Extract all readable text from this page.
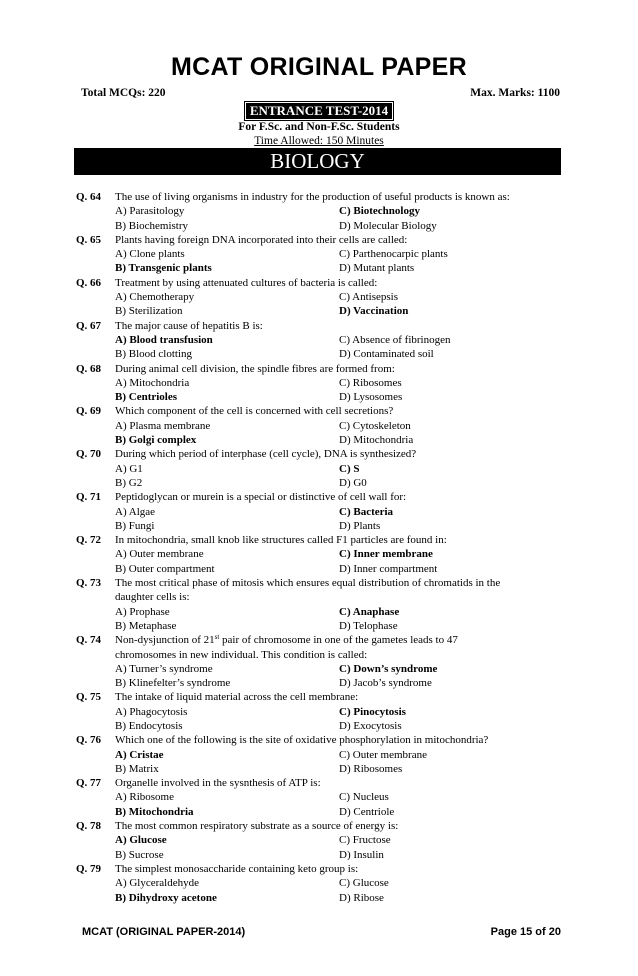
MCAT ORIGINAL PAPER
Total MCQs: 220	Max. Marks: 1100
ENTRANCE TEST-2014
For F.Sc. and Non-F.Sc. Students
Time Allowed: 150 Minutes
BIOLOGY
Q. 64 The use of living organisms in industry for the production of useful products is known as:
A) Parasitology	C) Biotechnology
B) Biochemistry	D) Molecular Biology
Q. 65 Plants having foreign DNA incorporated into their cells are called:
A) Clone plants	C) Parthenocarpic plants
B) Transgenic plants	D) Mutant plants
Q. 66 Treatment by using attenuated cultures of bacteria is called:
A) Chemotherapy	C) Antisepsis
B) Sterilization	D) Vaccination
Q. 67 The major cause of hepatitis B is:
A) Blood transfusion	C) Absence of fibrinogen
B) Blood clotting	D) Contaminated soil
Q. 68 During animal cell division, the spindle fibres are formed from:
A) Mitochondria	C) Ribosomes
B) Centrioles	D) Lysosomes
Q. 69 Which component of the cell is concerned with cell secretions?
A) Plasma membrane	C) Cytoskeleton
B) Golgi complex	D) Mitochondria
Q. 70 During which period of interphase (cell cycle), DNA is synthesized?
A) G1	C) S
B) G2	D) G0
Q. 71 Peptidoglycan or murein is a special or distinctive of cell wall for:
A) Algae	C) Bacteria
B) Fungi	D) Plants
Q. 72 In mitochondria, small knob like structures called F1 particles are found in:
A) Outer membrane	C) Inner membrane
B) Outer compartment	D) Inner compartment
Q. 73 The most critical phase of mitosis which ensures equal distribution of chromatids in the
daughter cells is:
A) Prophase	C) Anaphase
B) Metaphase	D) Telophase
Q. 74 Non-dysjunction of 21st pair of chromosome in one of the gametes leads to 47
chromosomes in new individual. This condition is called:
A) Turner’s syndrome	C) Down’s syndrome
B) Klinefelter’s syndrome	D) Jacob’s syndrome
Q. 75 The intake of liquid material across the cell membrane:
A) Phagocytosis	C) Pinocytosis
B) Endocytosis	D) Exocytosis
Q. 76 Which one of the following is the site of oxidative phosphorylation in mitochondria?
A) Cristae	C) Outer membrane
B) Matrix	D) Ribosomes
Q. 77 Organelle involved in the sysnthesis of ATP is:
A) Ribosome	C) Nucleus
B) Mitochondria	D) Centriole
Q. 78 The most common respiratory substrate as a source of energy is:
A) Glucose	C) Fructose
B) Sucrose	D) Insulin
Q. 79 The simplest monosaccharide containing keto group is:
A) Glyceraldehyde	C) Glucose
B) Dihydroxy acetone	D) Ribose
MCAT (ORIGINAL PAPER-2014)	Page 15 of 20
